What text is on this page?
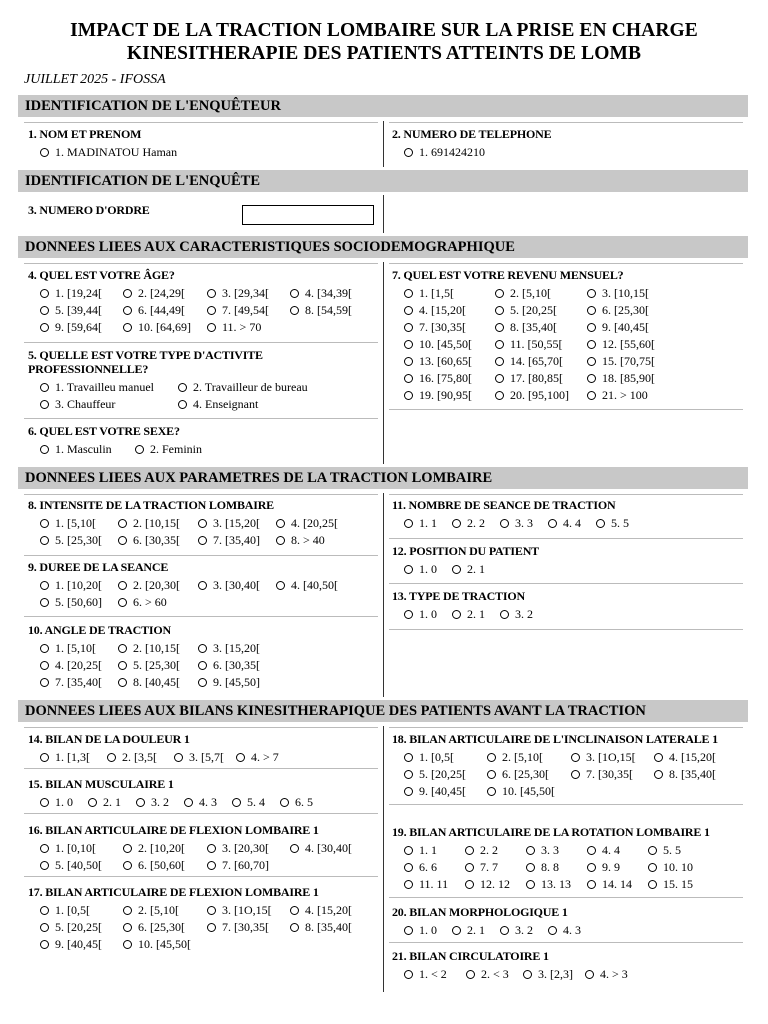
IMPACT DE LA TRACTION LOMBAIRE SUR LA PRISE EN CHARGE
KINESITHERAPIE DES PATIENTS ATTEINTS DE LOMB
JUILLET 2025 - IFOSSA
IDENTIFICATION DE L'ENQUÊTEUR
IDENTIFICATION DE L'ENQUÊTE
DONNEES LIEES AUX CARACTERISTIQUES SOCIODEMOGRAPHIQUE
DONNEES LIEES AUX PARAMETRES DE LA TRACTION LOMBAIRE
DONNEES LIEES AUX BILANS KINESITHERAPIQUE DES PATIENTS AVANT LA TRACTION
1. NOM ET PRENOM
1. MADINATOU Haman
2. NUMERO DE TELEPHONE
1. 691424210
3. NUMERO D'ORDRE
4. QUEL EST VOTRE ÂGE?
1. [19,24[	2. [24,29[	3. [29,34[	4. [34,39[
5. [39,44[	6. [44,49[	7. [49,54[	8. [54,59[
9. [59,64[	10. [64,69]	11. > 70
5. QUELLE EST VOTRE TYPE D'ACTIVITE PROFESSIONNELLE?
1. Travailleu manuel	2. Travailleur de bureau
3. Chauffeur	4. Enseignant
6. QUEL EST VOTRE SEXE?
1. Masculin	2. Feminin
7. QUEL EST VOTRE REVENU MENSUEL?
1. [1,5[	2. [5,10[	3. [10,15[
4. [15,20[	5. [20,25[	6. [25,30[
7. [30,35[	8. [35,40[	9. [40,45[
10. [45,50[	11. [50,55[	12. [55,60[
13. [60,65[	14. [65,70[	15. [70,75[
16. [75,80[	17. [80,85[	18. [85,90[
19. [90,95[	20. [95,100]	21. > 100
8. INTENSITE DE LA TRACTION LOMBAIRE
1. [5,10[	2. [10,15[	3. [15,20[	4. [20,25[
5. [25,30[	6. [30,35[	7. [35,40]	8. > 40
9. DUREE DE LA SEANCE
1. [10,20[	2. [20,30[	3. [30,40[	4. [40,50[
5. [50,60]	6. > 60
10. ANGLE DE TRACTION
1. [5,10[	2. [10,15[	3. [15,20[
4. [20,25[	5. [25,30[	6. [30,35[
7. [35,40[	8. [40,45[	9. [45,50]
11. NOMBRE DE SEANCE DE TRACTION
1. 1	2. 2	3. 3	4. 4	5. 5
12. POSITION DU PATIENT
1. 0	2. 1
13. TYPE DE TRACTION
1. 0	2. 1	3. 2
14. BILAN DE LA DOULEUR 1
1. [1,3[	2. [3,5[	3. [5,7[ 4. > 7
15. BILAN MUSCULAIRE 1
1. 0	2. 1	3. 2	4. 3	5. 4	6. 5
16. BILAN ARTICULAIRE DE FLEXION LOMBAIRE 1
1. [0,10[	2. [10,20[	3. [20,30[	4. [30,40[
5. [40,50[	6. [50,60[	7. [60,70]
17. BILAN ARTICULAIRE DE FLEXION LOMBAIRE 1
1. [0,5[	2. [5,10[	3. [1O,15[	4. [15,20[
5. [20,25[	6. [25,30[	7. [30,35[	8. [35,40[
9. [40,45[	10. [45,50[
18. BILAN ARTICULAIRE DE L'INCLINAISON LATERALE 1
1. [0,5[	2. [5,10[	3. [1O,15[	4. [15,20[
5. [20,25[	6. [25,30[	7. [30,35[	8. [35,40[
9. [40,45[	10. [45,50[
19. BILAN ARTICULAIRE DE LA ROTATION LOMBAIRE 1
1. 1	2. 2	3. 3	4. 4	5. 5
6. 6	7. 7	8. 8	9. 9	10. 10
11. 11	12. 12	13. 13	14. 14	15. 15
20. BILAN MORPHOLOGIQUE 1
1. 0	2. 1	3. 2	4. 3
21. BILAN CIRCULATOIRE 1
1. < 2	2. < 3 3. [2,3] 4. > 3
